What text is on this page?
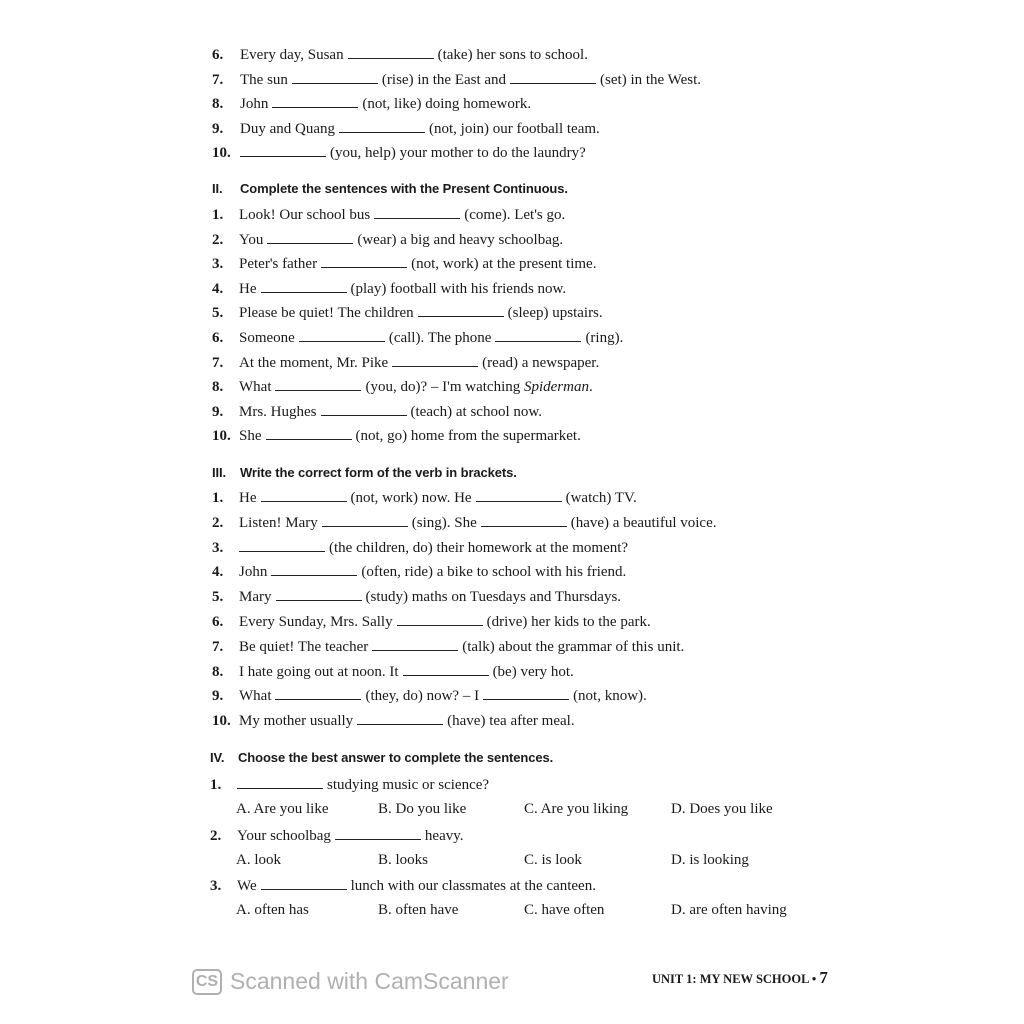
6. Every day, Susan	(take) her sons to school.
7. The sun	(rise) in the East and	(set) in the West.
8. John	(not, like) doing homework.
9. Duy and Quang	(not, join) our football team.
10.	(you, help) your mother to do the laundry?
II. Complete the sentences with the Present Continuous.
1. Look! Our school bus	(come). Let's go.
2. You	(wear) a big and heavy schoolbag.
3. Peter's father	(not, work) at the present time.
4. He	(play) football with his friends now.
5. Please be quiet! The children	(sleep) upstairs.
6. Someone	(call). The phone	(ring).
7. At the moment, Mr. Pike	(read) a newspaper.
8. What	(you, do)? – I'm watching Spiderman.
9. Mrs. Hughes	(teach) at school now.
10. She	(not, go) home from the supermarket.
III. Write the correct form of the verb in brackets.
1. He	(not, work) now. He	(watch) TV.
2. Listen! Mary	(sing). She	(have) a beautiful voice.
3.	(the children, do) their homework at the moment?
4. John	(often, ride) a bike to school with his friend.
5. Mary	(study) maths on Tuesdays and Thursdays.
6. Every Sunday, Mrs. Sally	(drive) her kids to the park.
7. Be quiet! The teacher	(talk) about the grammar of this unit.
8. I hate going out at noon. It	(be) very hot.
9. What	(they, do) now? – I	(not, know).
10. My mother usually	(have) tea after meal.
IV. Choose the best answer to complete the sentences.
1.	studying music or science?
A. Are you like	B. Do you like	C. Are you liking	D. Does you like
2. Your schoolbag	heavy.
A. look	B. looks	C. is look	D. is looking
3. We	lunch with our classmates at the canteen.
A. often has	B. often have	C. have often	D. are often having
CS Scanned with CamScanner	UNIT 1: MY NEW SCHOOL • 7
